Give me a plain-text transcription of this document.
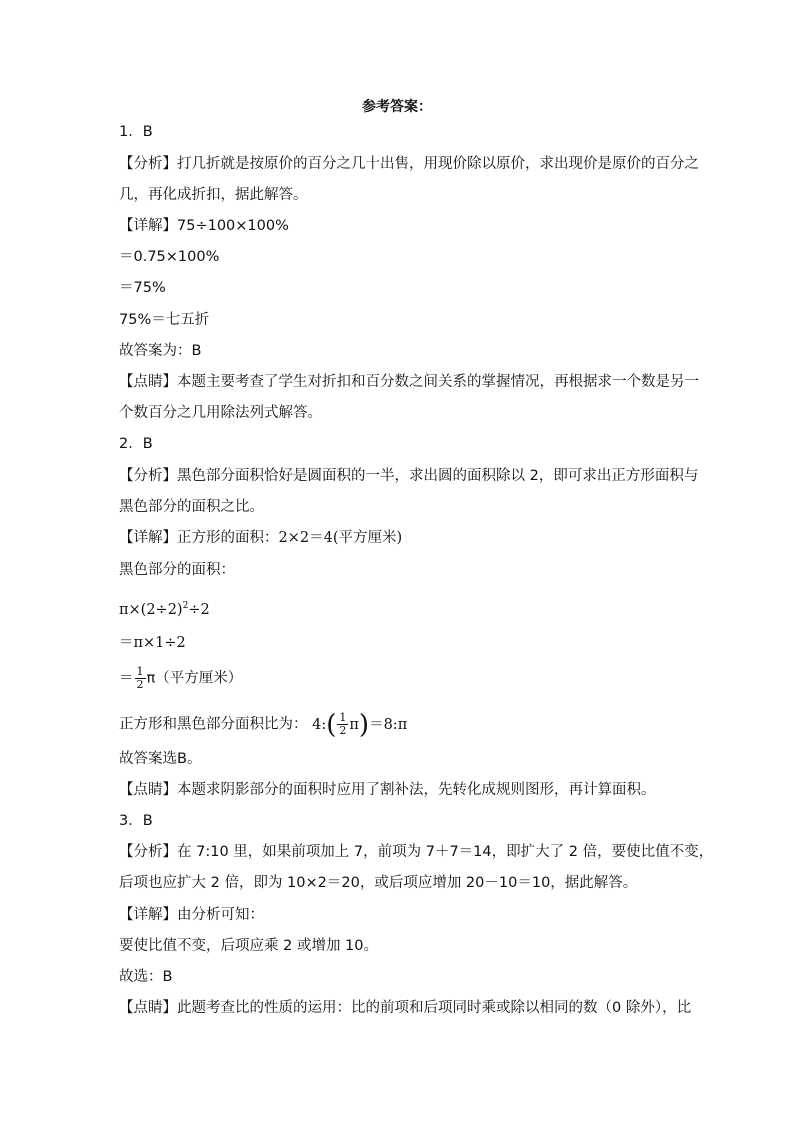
参考答案：
1．B
【分析】打几折就是按原价的百分之几十出售，用现价除以原价，求出现价是原价的百分之
几，再化成折扣，据此解答。
【详解】75÷100×100%
＝0.75×100%
＝75%
75%＝七五折
故答案为：B
【点睛】本题主要考查了学生对折扣和百分数之间关系的掌握情况，再根据求一个数是另一
个数百分之几用除法列式解答。
2．B
【分析】黑色部分面积恰好是圆面积的一半，求出圆的面积除以 2，即可求出正方形面积与
黑色部分的面积之比。
【详解】正方形的面积：2×2＝4(平方厘米)
黑色部分的面积：
$\pi\times(2\div 2)^2\div 2$
＝π×1÷2
＝ $\frac{1}{2} \pi$（平方厘米）
正方形和黑色部分面积比为： 4:( $\frac{1}{2}$ π)＝8:π
故答案选B。
【点睛】本题求阴影部分的面积时应用了割补法，先转化成规则图形，再计算面积。
3．B
【分析】在 7:10 里，如果前项加上 7，前项为 7＋7＝14，即扩大了 2 倍，要使比值不变，
后项也应扩大 2 倍，即为 10×2＝20，或后项应增加 20－10＝10，据此解答。
【详解】由分析可知：
要使比值不变，后项应乘 2 或增加 10。
故选：B
【点睛】此题考查比的性质的运用：比的前项和后项同时乘或除以相同的数（0 除外），比
